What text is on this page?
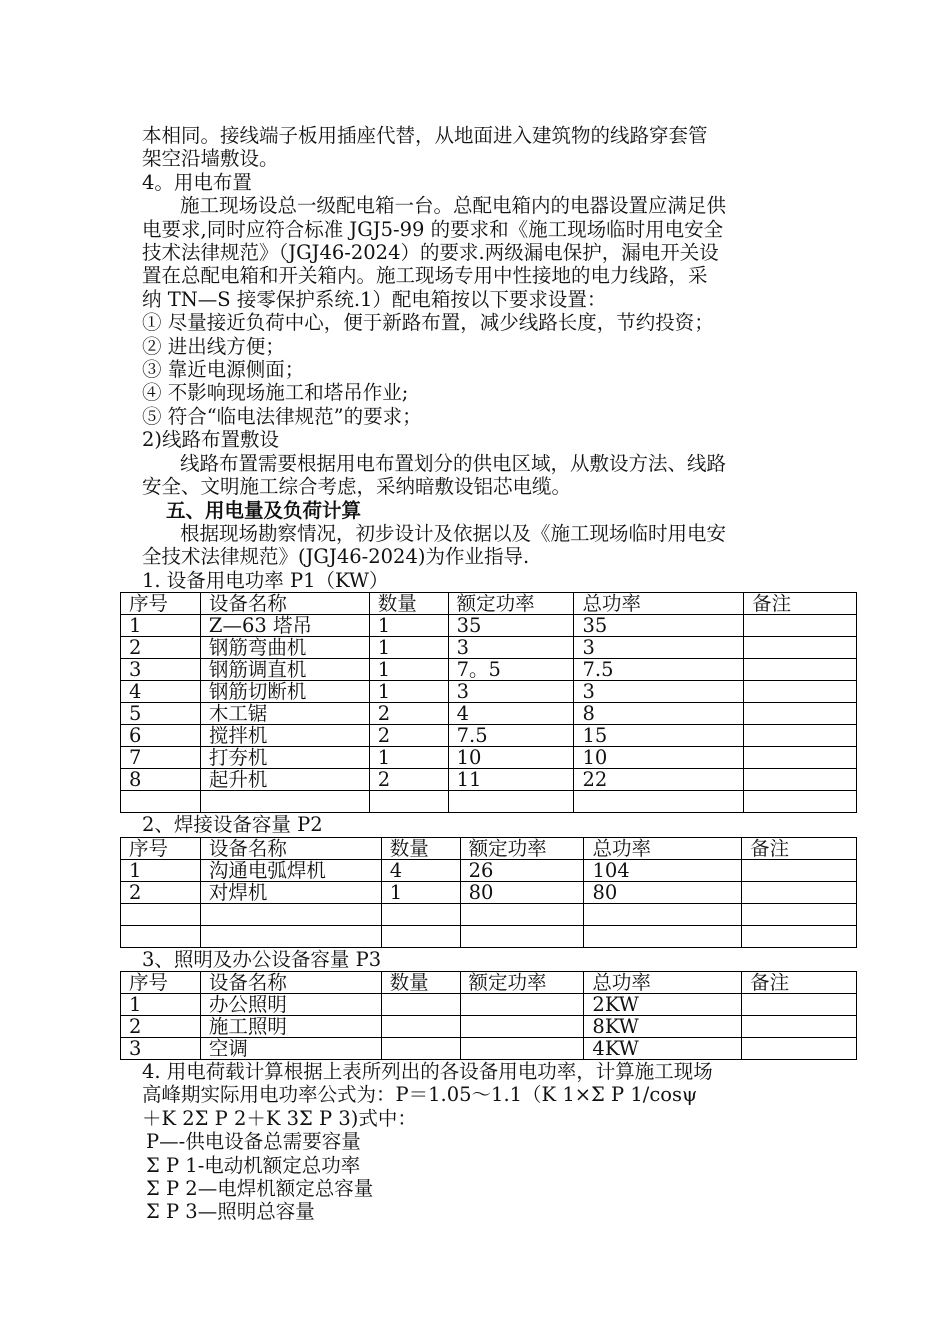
本相同。接线端子板用插座代替，从地面进入建筑物的线路穿套管
架空沿墙敷设。
4。用电布置
施工现场设总一级配电箱一台。总配电箱内的电器设置应满足供
电要求,同时应符合标准 JGJ5-99 的要求和《施工现场临时用电安全
技术法律规范》（JGJ46-2024）的要求.两级漏电保护，漏电开关设
置在总配电箱和开关箱内。施工现场专用中性接地的电力线路，采
纳 TN—S 接零保护系统.1）配电箱按以下要求设置：
① 尽量接近负荷中心，便于新路布置，减少线路长度，节约投资；
② 进出线方便；
③ 靠近电源侧面；
④ 不影响现场施工和塔吊作业;
⑤ 符合“临电法律规范”的要求；
2)线路布置敷设
线路布置需要根据用电布置划分的供电区域，从敷设方法、线路
安全、文明施工综合考虑，采纳暗敷设铝芯电缆。
五、用电量及负荷计算
根据现场勘察情况，初步设计及依据以及《施工现场临时用电安
全技术法律规范》(JGJ46-2024)为作业指导.
1. 设备用电功率 P1（KW）
序号	设备名称	数量	额定功率	总功率	备注
1	Z—63 塔吊	1	35	35	
2	钢筋弯曲机	1	3	3	
3	钢筋调直机	1	7。5	7.5	
4	钢筋切断机	1	3	3	
5	木工锯	2	4	8	
6	搅拌机	2	7.5	15	
7	打夯机	1	10	10	
8	起升机	2	11	22	

2、焊接设备容量 P2
序号	设备名称	数量	额定功率	总功率	备注
1	沟通电弧焊机	4	26	104	
2	对焊机	1	80	80	

3、照明及办公设备容量 P3
序号	设备名称	数量	额定功率	总功率	备注
1	办公照明			2KW	
2	施工照明			8KW	
3	空调			4KW	
4. 用电荷载计算根据上表所列出的各设备用电功率，计算施工现场
高峰期实际用电功率公式为：P＝1.05～1.1（K 1×Σ P 1/cosψ
＋K 2Σ P 2＋K 3Σ P 3)式中：
P—-供电设备总需要容量
Σ P 1-电动机额定总功率
Σ P 2—电焊机额定总容量
Σ P 3—照明总容量
